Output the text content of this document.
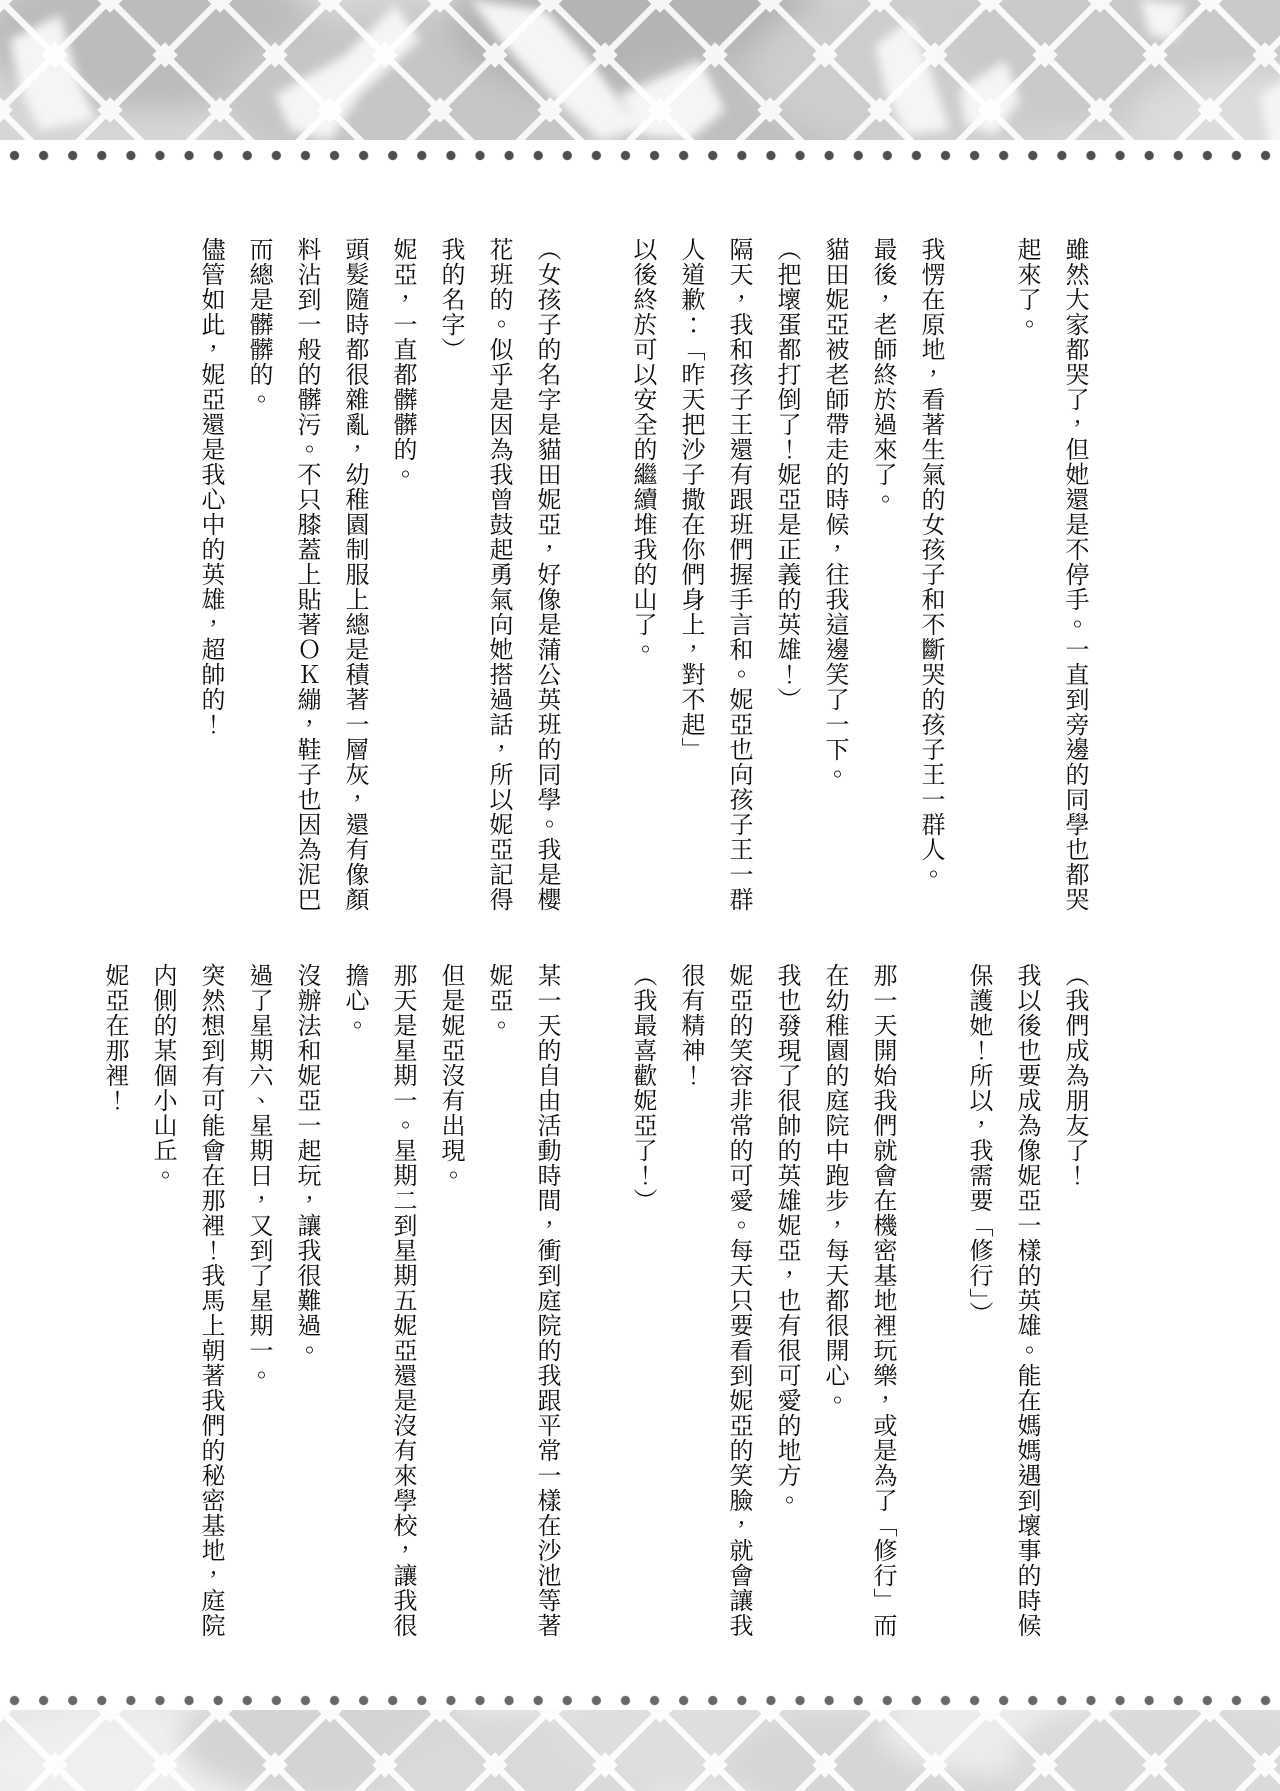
雖然大家都哭了，但她還是不停手。一直到旁邊的同學也都哭起來了。

我愣在原地，看著生氣的女孩子和不斷哭的孩子王一群人。

最後，老師終於過來了。

貓田妮亞被老師帶走的時候，往我這邊笑了一下。

（把壞蛋都打倒了！妮亞是正義的英雄！）

隔天，我和孩子王還有跟班們握手言和。妮亞也向孩子王一群人道歉：「昨天把沙子撒在你們身上，對不起」

以後終於可以安全的繼續堆我的山了。

（女孩子的名字是貓田妮亞，好像是蒲公英班的同學。我是櫻花班的。似乎是因為我曾鼓起勇氣向她搭過話，所以妮亞記得我的名字）

妮亞，一直都髒髒的。

頭髮隨時都很雜亂，幼稚園制服上總是積著一層灰，還有像顏料沾到一般的髒污。不只膝蓋上貼著ＯＫ繃，鞋子也因為泥巴而總是髒髒的。

儘管如此，妮亞還是我心中的英雄，超帥的！

（我們成為朋友了！

我以後也要成為像妮亞一樣的英雄。能在媽媽遇到壞事的時候保護她！所以，我需要「修行」）

那一天開始我們就會在機密基地裡玩樂，或是為了「修行」而在幼稚園的庭院中跑步，每天都很開心。

我也發現了很帥的英雄妮亞，也有很可愛的地方。

妮亞的笑容非常的可愛。每天只要看到妮亞的笑臉，就會讓我很有精神！

（我最喜歡妮亞了！）

某一天的自由活動時間，衝到庭院的我跟平常一樣在沙池等著妮亞。

但是妮亞沒有出現。

那天是星期一。星期二到星期五妮亞還是沒有來學校，讓我很擔心。

沒辦法和妮亞一起玩，讓我很難過。

過了星期六、星期日，又到了星期一。

突然想到有可能會在那裡！我馬上朝著我們的秘密基地，庭院内側的某個小山丘。

妮亞在那裡！
